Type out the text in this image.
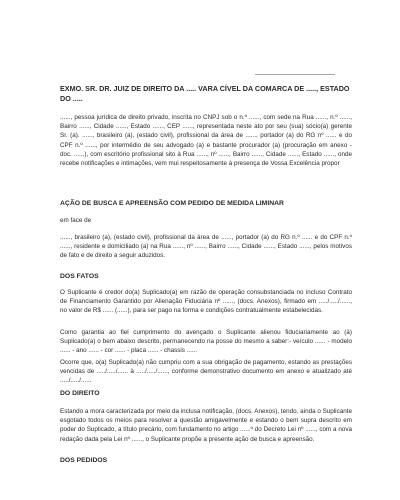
EXMO. SR. DR. JUIZ DE DIREITO DA ..... VARA CÍVEL DA COMARCA DE ....., ESTADO DO .....

......, pessoa jurídica de direito privado, inscrita no CNPJ sob o n.º ......, com sede na Rua ......, n.º ......, Bairro ......, Cidade ......, Estado ......, CEP ......, representada neste ato por seu (sua) sócio(a) gerente Sr. (a). ......, brasileiro (a), (estado civil), profissional da área de ......, portador (a) do RG nº ...... e do CPF n.º ......, por intermédio de seu advogado (a) e bastante procurador (a) (procuração em anexo - doc. ......), com escritório profissional sito à Rua ......, nº ......, Bairro ......, Cidade ......, Estado ......, onde recebe notificações e intimações, vem mui respeitosamente à presença de Vossa Excelência propor

AÇÃO DE BUSCA E APREENSÃO COM PEDIDO DE MEDIDA LIMINAR

em face de

......, brasileiro (a), (estado civil), profissional da área de ......, portador (a) do RG n.º ...... e do CPF n.º ......, residente e domiciliado (a) na Rua ......, nº ......, Bairro ......, Cidade ......, Estado ......, pelos motivos de fato e de direito a seguir aduzidos.

DOS FATOS

O Suplicante é credor do(a) Suplicado(a) em razão de operação consubstanciada no incluso Contrato de Financiamento Garantido por Alienação Fiduciária nº ......, (docs. Anexos), firmado em ...../...../......, no valor de R$ ...... (......), para ser pago na forma e condições contratualmente estabelecidas.

Como garantia ao fiel cumprimento do avençado o Suplicante alienou fiduciariamente ao (à) Suplicado(a) o bem abaixo descrito, permanecendo na posse do mesmo a saber:- veículo ...... - modelo ...... - ano ...... - cor ...... - placa ...... - chassis ......

Ocorre que, o(a) Suplicado(a) não cumpriu com a sua obrigação de pagamento, estando as prestações vencidas de ...../...../...... à ...../...../......, conforme demonstrativo documento em anexo e atualizado até ...../...../......

DO DIREITO

Estando a mora caracterizada por meio da inclusa notificação, (docs. Anexos), tendo, ainda o Suplicante esgotado todos os meios para resolver a questão amigavelmente e estando o bem supra descrito em poder do Suplicado, a título precário, com fundamento no artigo ......º do Decreto Lei nº ......, com a nova redação dada pela Lei nº ......, o Suplicante propõe a presente ação de busca e apreensão.

DOS PEDIDOS
